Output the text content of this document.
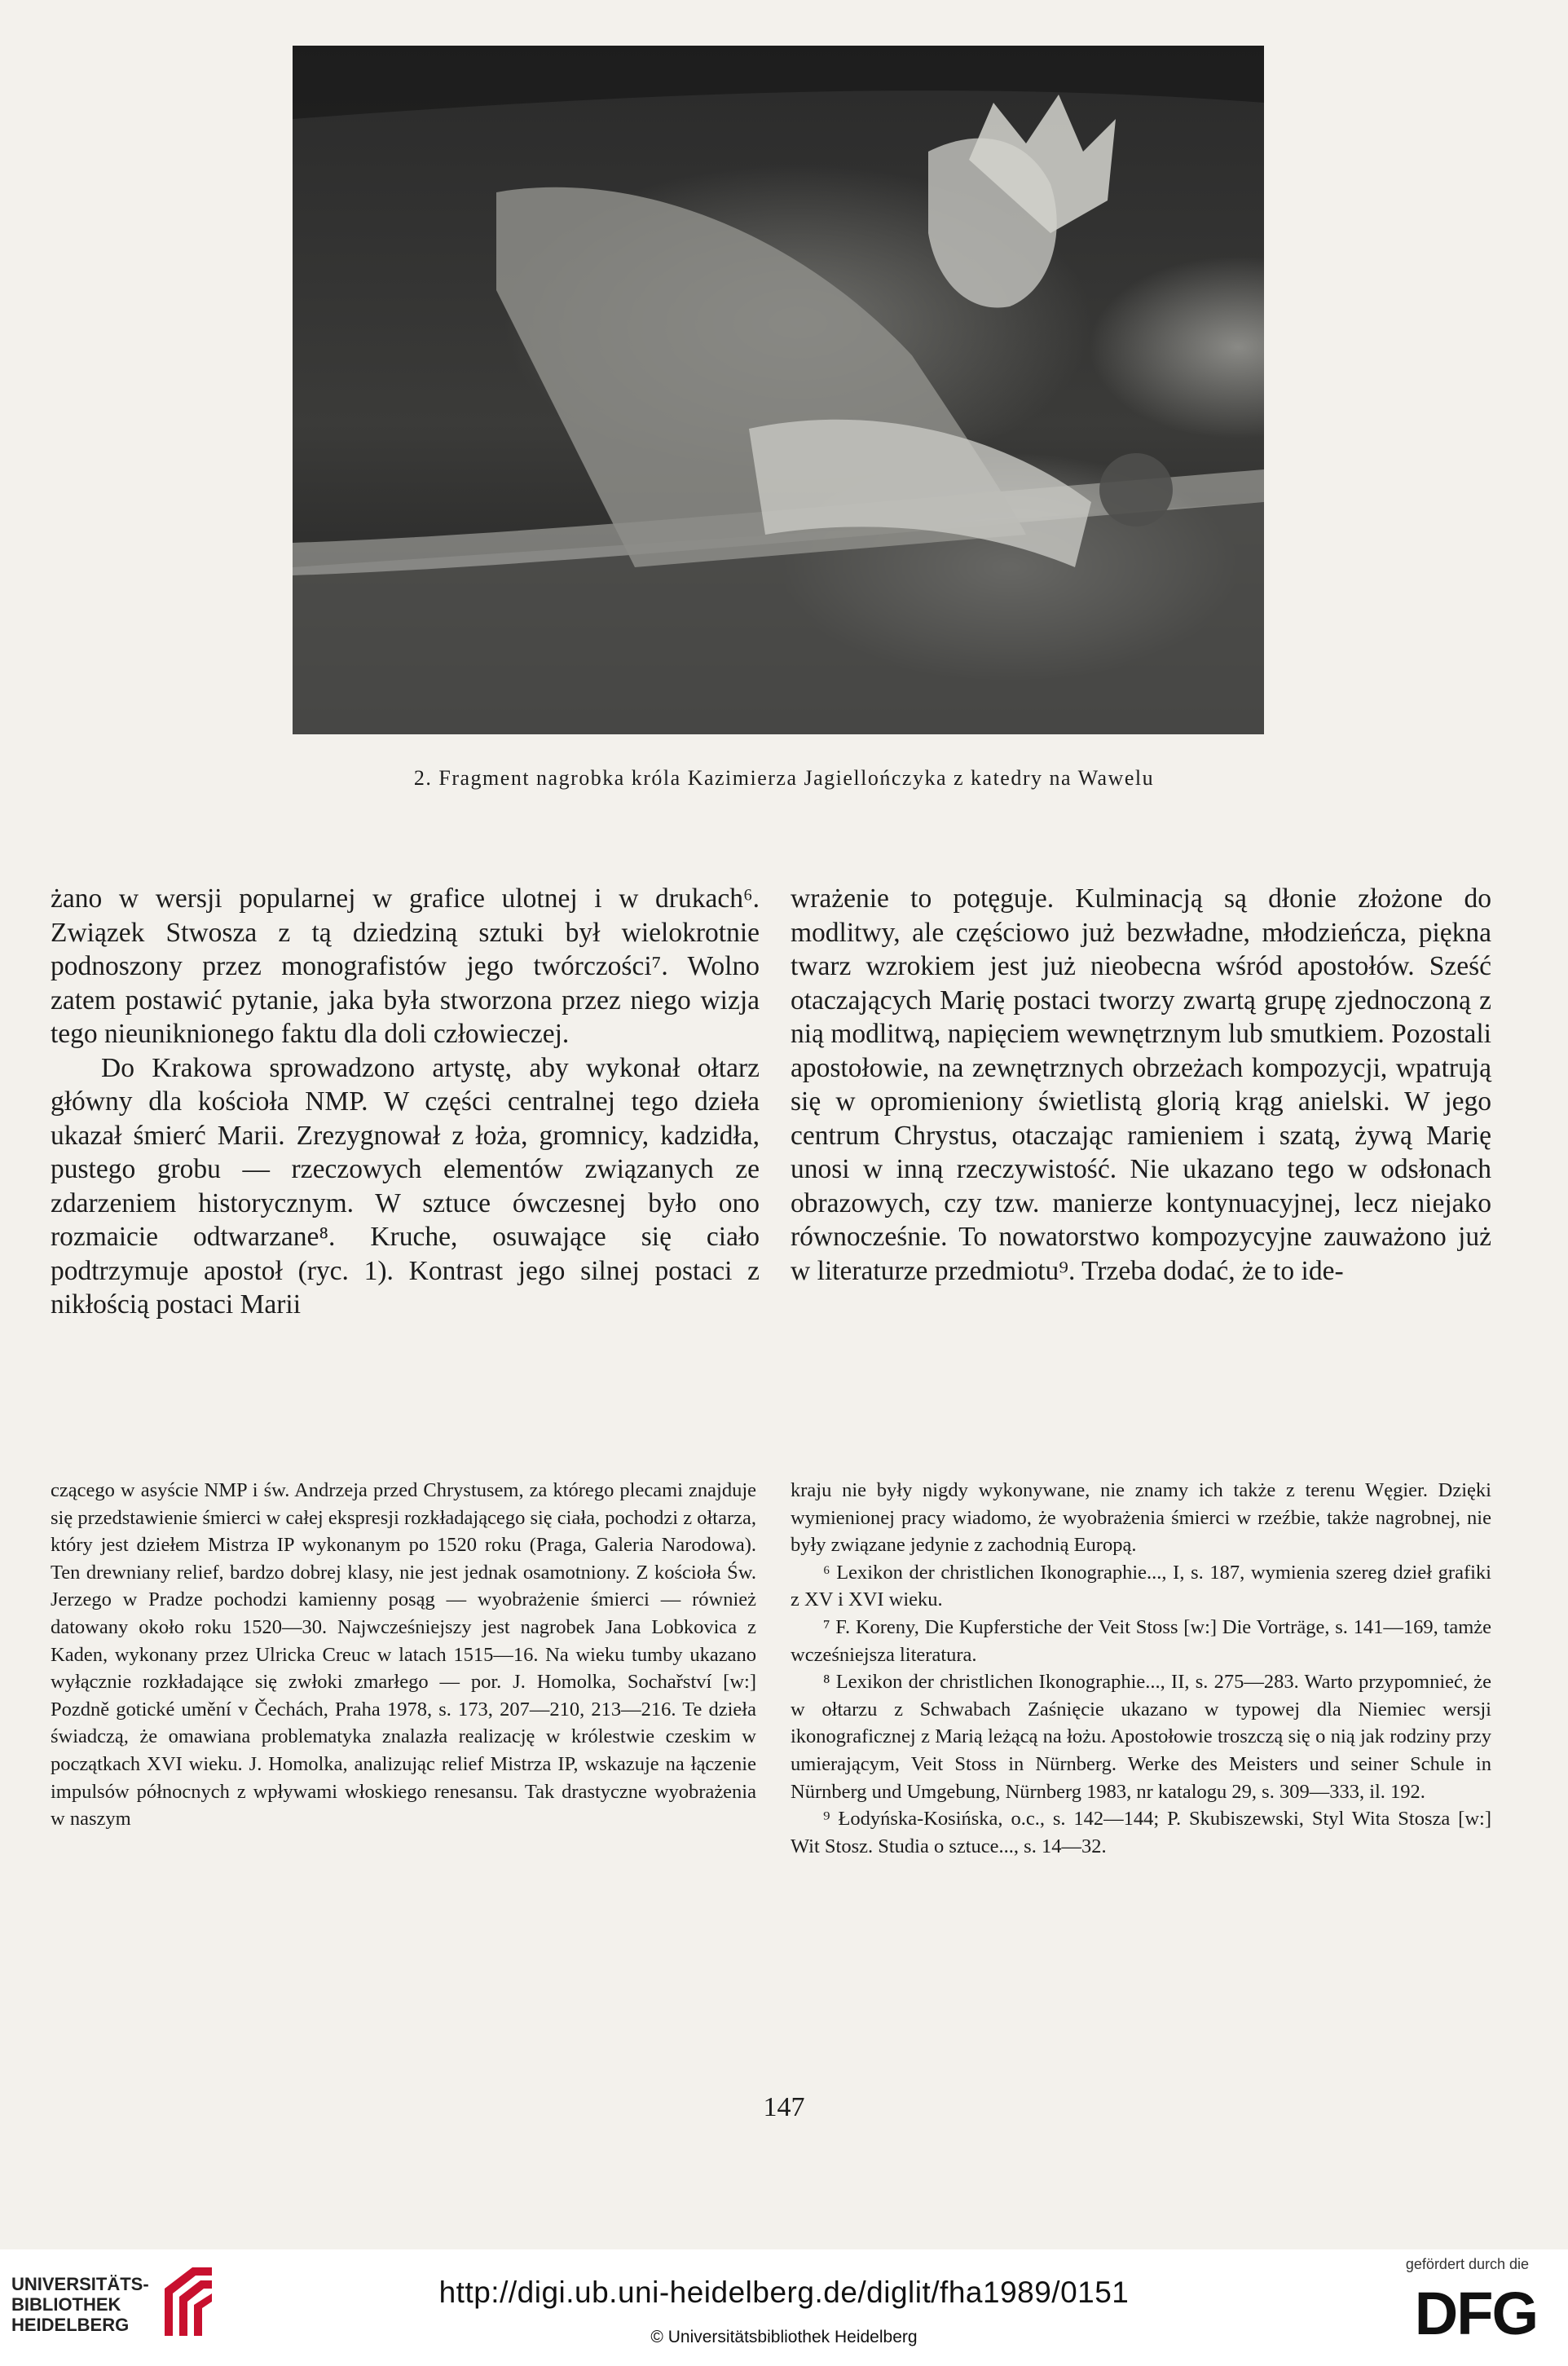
2. Fragment nagrobka króla Kazimierza Jagiellończyka z katedry na Wawelu

żano w wersji popularnej w grafice ulotnej i w drukach⁶. Związek Stwosza z tą dziedziną sztuki był wielokrotnie podnoszony przez monografistów jego twórczości⁷. Wolno zatem postawić pytanie, jaka była stworzona przez niego wizja tego nieuniknionego faktu dla doli człowieczej.

Do Krakowa sprowadzono artystę, aby wykonał ołtarz główny dla kościoła NMP. W części centralnej tego dzieła ukazał śmierć Marii. Zrezygnował z łoża, gromnicy, kadzidła, pustego grobu — rzeczowych elementów związanych ze zdarzeniem historycznym. W sztuce ówczesnej było ono rozmaicie odtwarzane⁸. Kruche, osuwające się ciało podtrzymuje apostoł (ryc. 1). Kontrast jego silnej postaci z nikłością postaci Marii

wrażenie to potęguje. Kulminacją są dłonie złożone do modlitwy, ale częściowo już bezwładne, młodzieńcza, piękna twarz wzrokiem jest już nieobecna wśród apostołów. Sześć otaczających Marię postaci tworzy zwartą grupę zjednoczoną z nią modlitwą, napięciem wewnętrznym lub smutkiem. Pozostali apostołowie, na zewnętrznych obrzeżach kompozycji, wpatrują się w opromieniony świetlistą glorią krąg anielski. W jego centrum Chrystus, otaczając ramieniem i szatą, żywą Marię unosi w inną rzeczywistość. Nie ukazano tego w odsłonach obrazowych, czy tzw. manierze kontynuacyjnej, lecz niejako równocześnie. To nowatorstwo kompozycyjne zauważono już w literaturze przedmiotu⁹. Trzeba dodać, że to ide-

czącego w asyście NMP i św. Andrzeja przed Chrystusem, za którego plecami znajduje się przedstawienie śmierci w całej ekspresji rozkładającego się ciała, pochodzi z ołtarza, który jest dziełem Mistrza IP wykonanym po 1520 roku (Praga, Galeria Narodowa). Ten drewniany relief, bardzo dobrej klasy, nie jest jednak osamotniony. Z kościoła Św. Jerzego w Pradze pochodzi kamienny posąg — wyobrażenie śmierci — również datowany około roku 1520—30. Najwcześniejszy jest nagrobek Jana Lobkovica z Kaden, wykonany przez Ulricka Creuc w latach 1515—16. Na wieku tumby ukazano wyłącznie rozkładające się zwłoki zmarłego — por. J. Homolka, Sochařství [w:] Pozdně gotické umění v Čechách, Praha 1978, s. 173, 207—210, 213—216. Te dzieła świadczą, że omawiana problematyka znalazła realizację w królestwie czeskim w początkach XVI wieku. J. Homolka, analizując relief Mistrza IP, wskazuje na łączenie impulsów północnych z wpływami włoskiego renesansu. Tak drastyczne wyobrażenia w naszym

kraju nie były nigdy wykonywane, nie znamy ich także z terenu Węgier. Dzięki wymienionej pracy wiadomo, że wyobrażenia śmierci w rzeźbie, także nagrobnej, nie były związane jedynie z zachodnią Europą.

⁶ Lexikon der christlichen Ikonographie..., I, s. 187, wymienia szereg dzieł grafiki z XV i XVI wieku.

⁷ F. Koreny, Die Kupferstiche der Veit Stoss [w:] Die Vorträge, s. 141—169, tamże wcześniejsza literatura.

⁸ Lexikon der christlichen Ikonographie..., II, s. 275—283. Warto przypomnieć, że w ołtarzu z Schwabach Zaśnięcie ukazano w typowej dla Niemiec wersji ikonograficznej z Marią leżącą na łożu. Apostołowie troszczą się o nią jak rodziny przy umierającym, Veit Stoss in Nürnberg. Werke des Meisters und seiner Schule in Nürnberg und Umgebung, Nürnberg 1983, nr katalogu 29, s. 309—333, il. 192.

⁹ Łodyńska-Kosińska, o.c., s. 142—144; P. Skubiszewski, Styl Wita Stosza [w:] Wit Stosz. Studia o sztuce..., s. 14—32.

147
UNIVERSITÄTS-
BIBLIOTHEK
HEIDELBERG
http://digi.ub.uni-heidelberg.de/diglit/fha1989/0151
© Universitätsbibliothek Heidelberg
gefördert durch die
DFG
